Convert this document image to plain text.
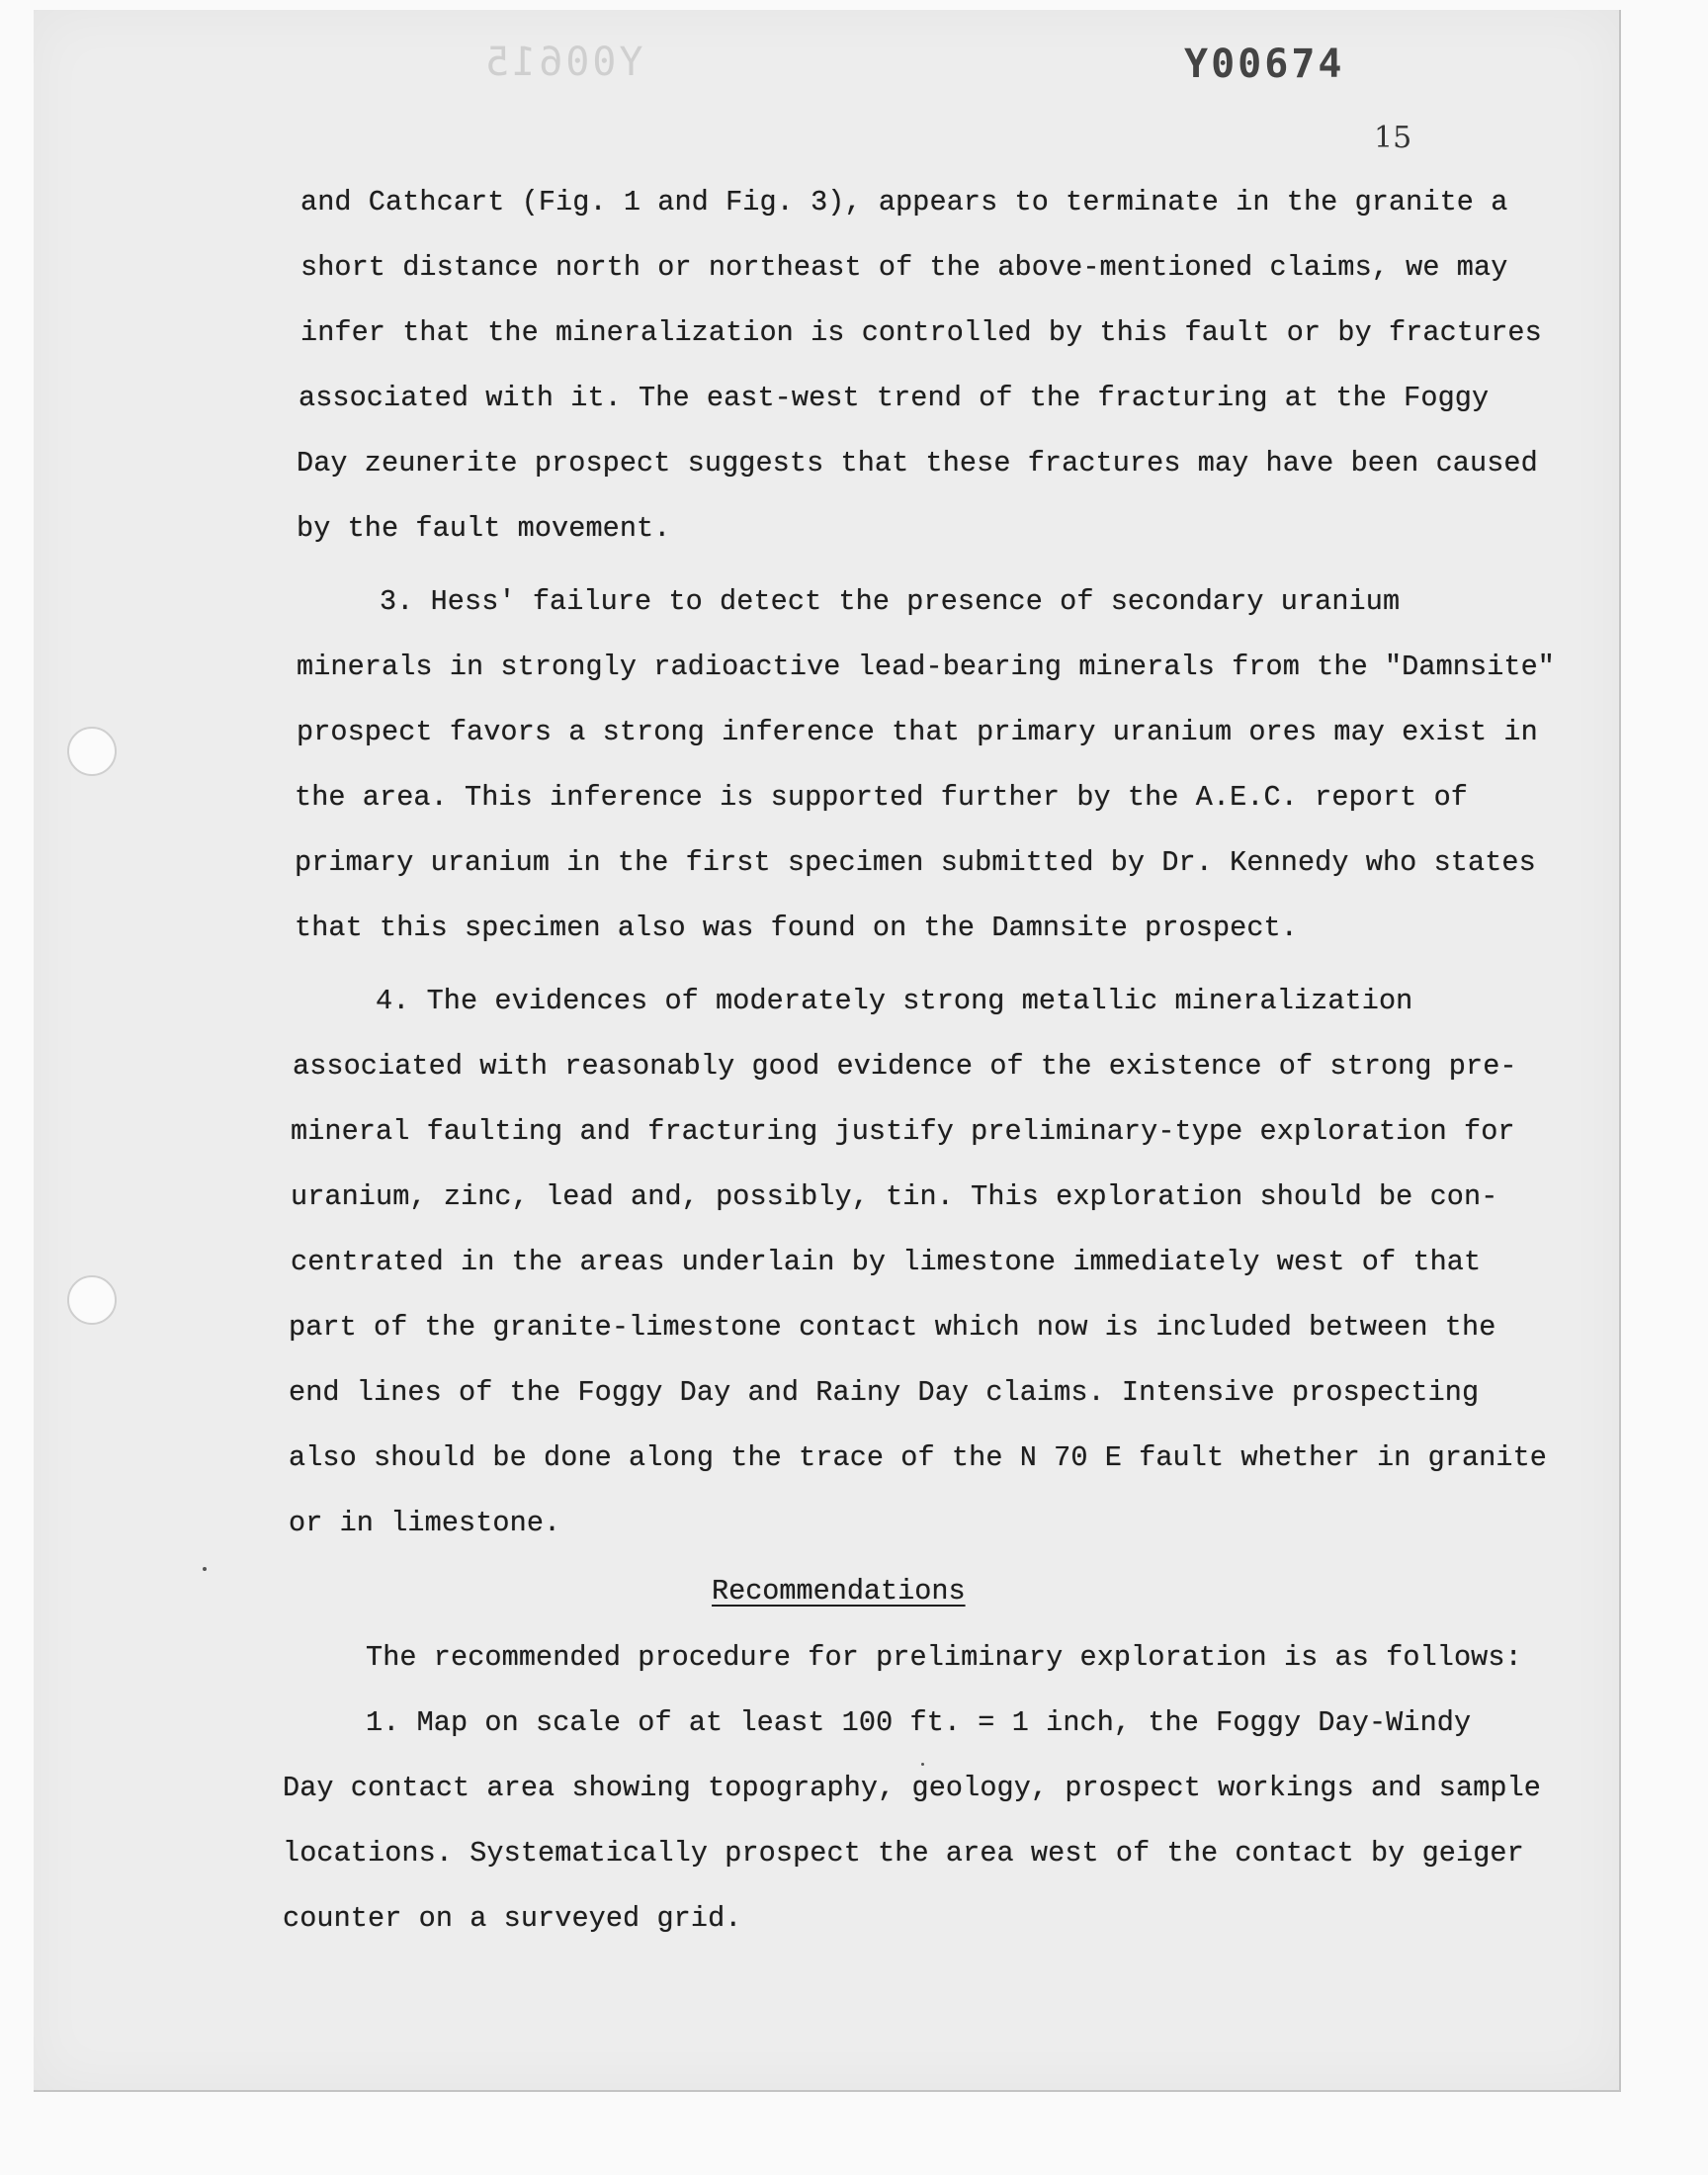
Y00615	Y00674
15
and Cathcart (Fig. 1 and Fig. 3), appears to terminate in the granite a
short distance north or northeast of the above-mentioned claims, we may
infer that the mineralization is controlled by this fault or by fractures
associated with it. The east-west trend of the fracturing at the Foggy
Day zeunerite prospect suggests that these fractures may have been caused
by the fault movement.
3. Hess' failure to detect the presence of secondary uranium
minerals in strongly radioactive lead-bearing minerals from the "Damnsite"
prospect favors a strong inference that primary uranium ores may exist in
the area. This inference is supported further by the A.E.C. report of
primary uranium in the first specimen submitted by Dr. Kennedy who states
that this specimen also was found on the Damnsite prospect.
4. The evidences of moderately strong metallic mineralization
associated with reasonably good evidence of the existence of strong pre-
mineral faulting and fracturing justify preliminary-type exploration for
uranium, zinc, lead and, possibly, tin. This exploration should be con-
centrated in the areas underlain by limestone immediately west of that
part of the granite-limestone contact which now is included between the
end lines of the Foggy Day and Rainy Day claims. Intensive prospecting
also should be done along the trace of the N 70 E fault whether in granite
or in limestone.
Recommendations
The recommended procedure for preliminary exploration is as follows:
1. Map on scale of at least 100 ft. = 1 inch, the Foggy Day-Windy
Day contact area showing topography, geology, prospect workings and sample
locations. Systematically prospect the area west of the contact by geiger
counter on a surveyed grid.
